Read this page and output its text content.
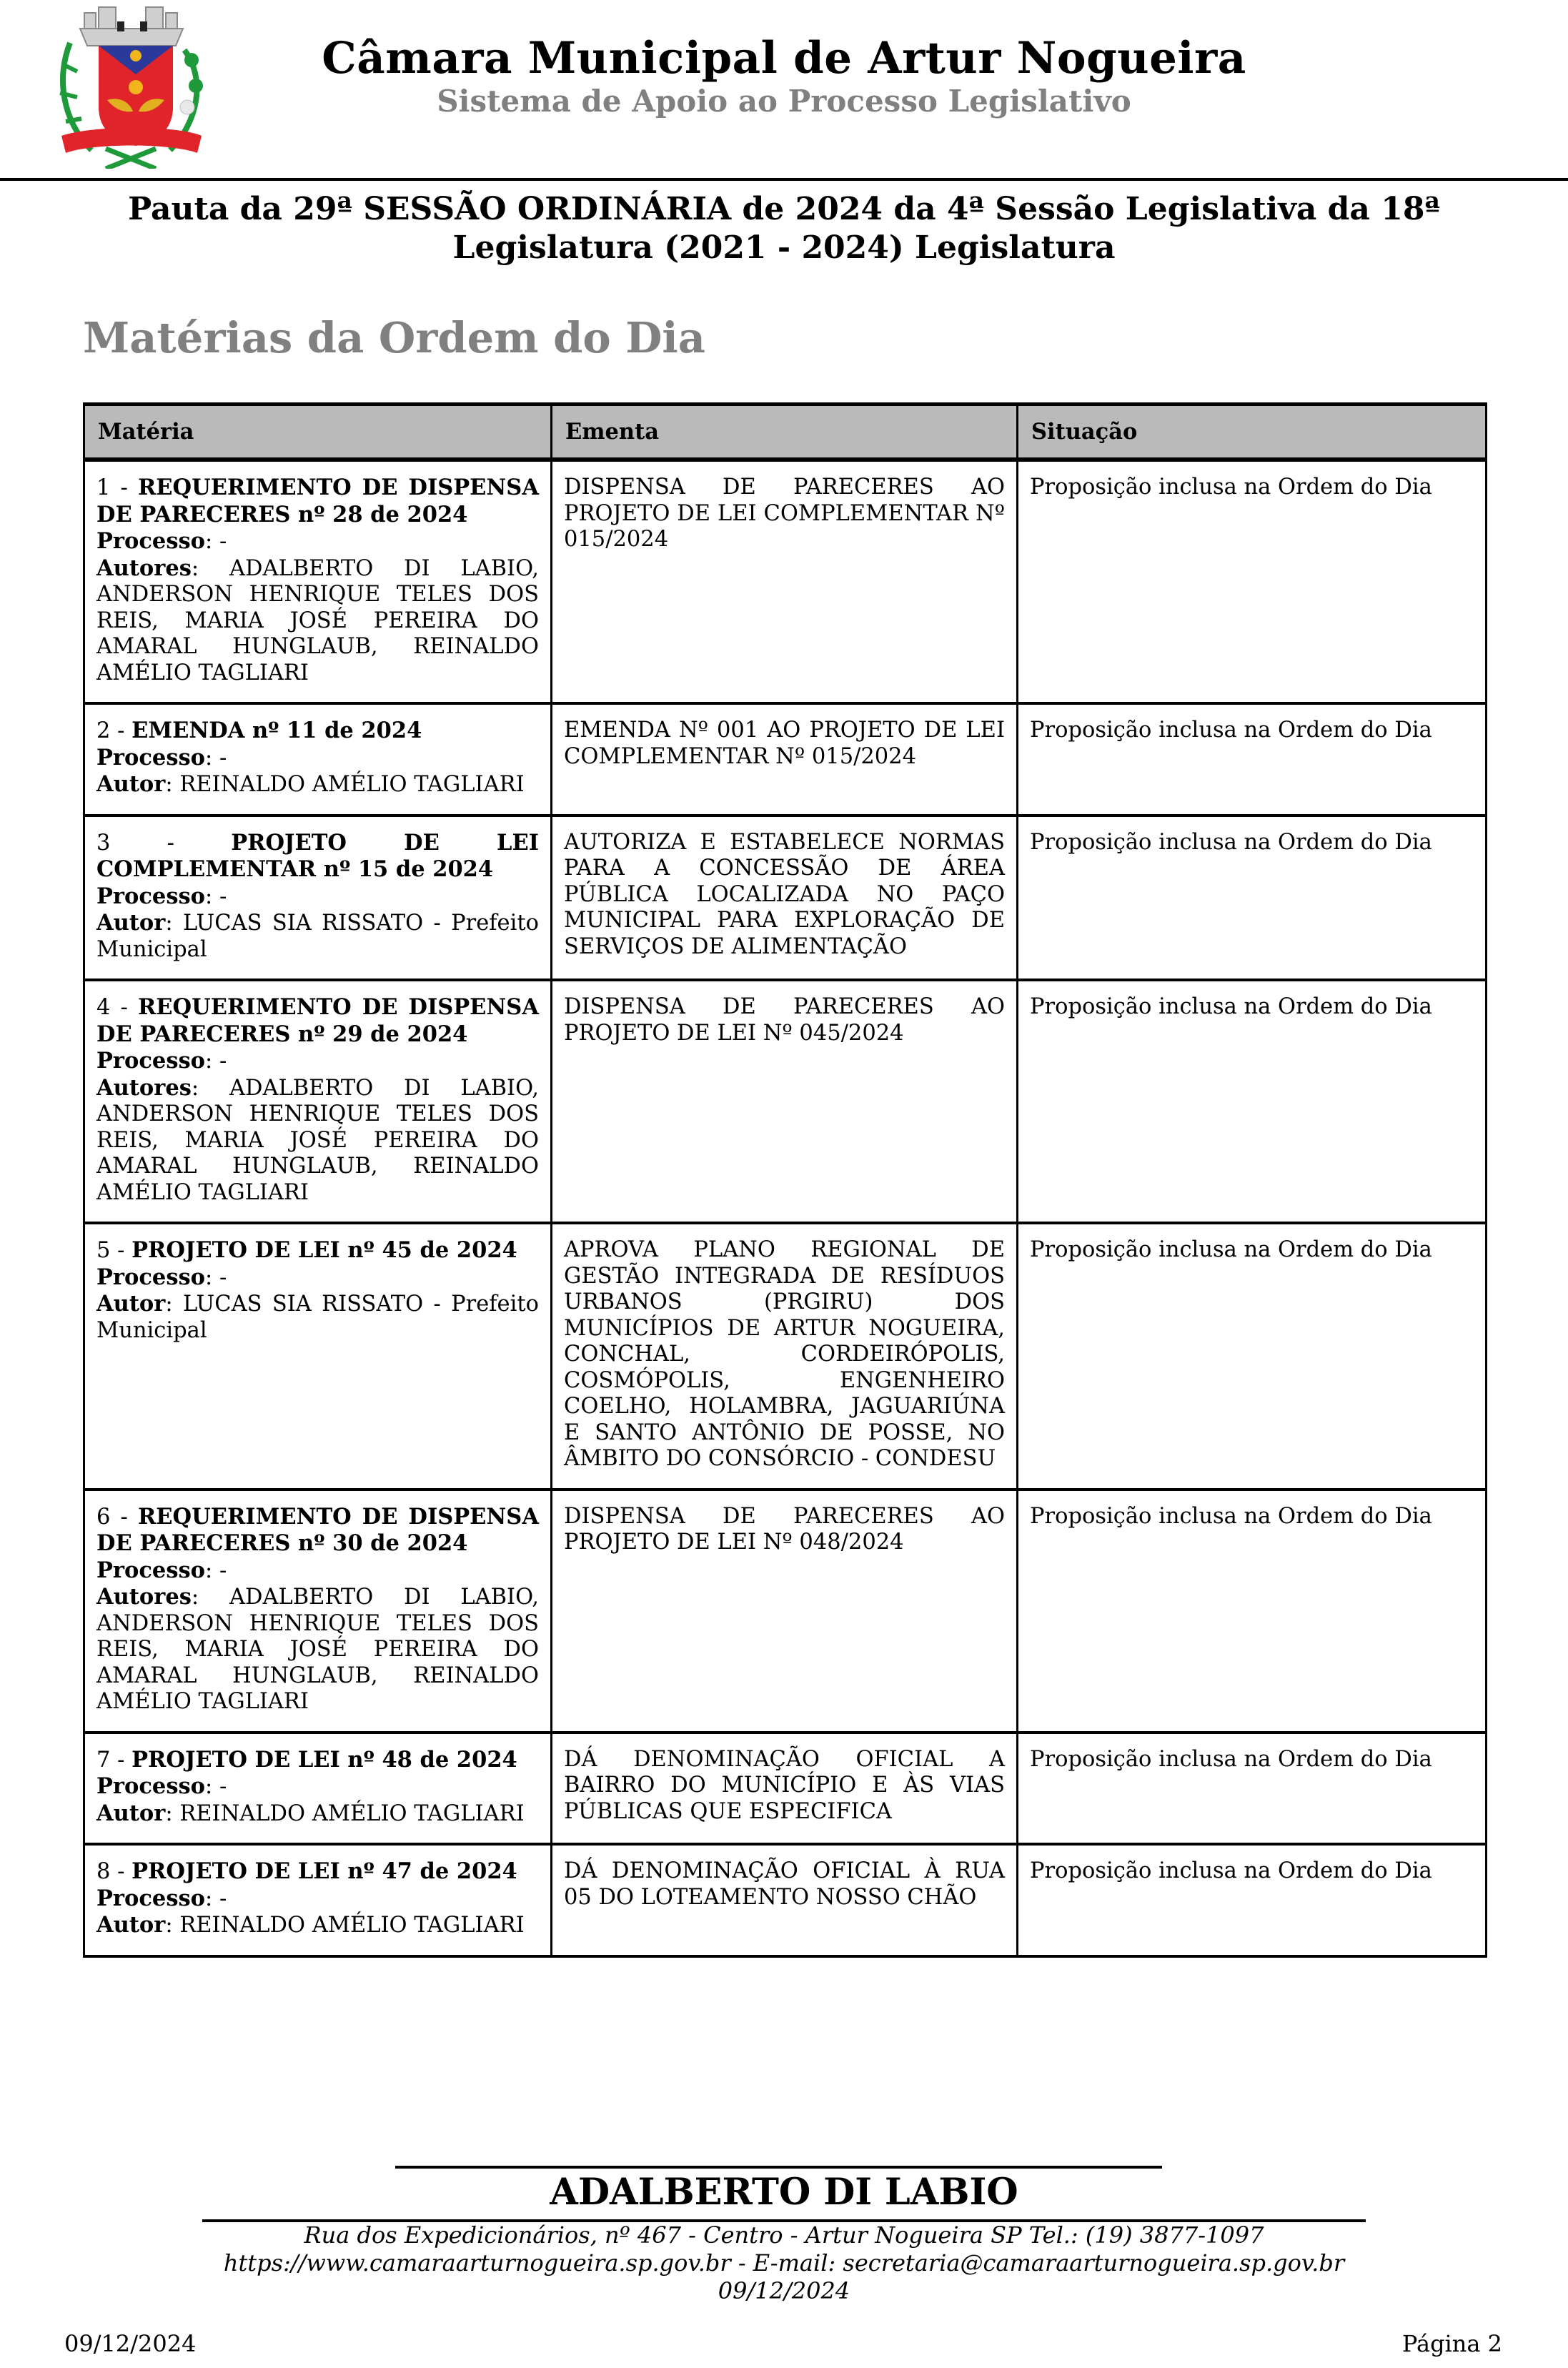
Câmara Municipal de Artur Nogueira
Sistema de Apoio ao Processo Legislativo
Pauta da 29ª SESSÃO ORDINÁRIA de 2024 da 4ª Sessão Legislativa da 18ª Legislatura (2021 - 2024) Legislatura
Matérias da Ordem do Dia
Matéria	Ementa	Situação
1 - REQUERIMENTO DE DISPENSA DE PARECERES nº 28 de 2024
Processo: -
Autores: ADALBERTO DI LABIO, ANDERSON HENRIQUE TELES DOS REIS, MARIA JOSÉ PEREIRA DO AMARAL HUNGLAUB, REINALDO AMÉLIO TAGLIARI	DISPENSA DE PARECERES AO PROJETO DE LEI COMPLEMENTAR Nº 015/2024	Proposição inclusa na Ordem do Dia
2 - EMENDA nº 11 de 2024
Processo: -
Autor: REINALDO AMÉLIO TAGLIARI	EMENDA Nº 001 AO PROJETO DE LEI COMPLEMENTAR Nº 015/2024	Proposição inclusa na Ordem do Dia
3 - PROJETO DE LEI COMPLEMENTAR nº 15 de 2024
Processo: -
Autor: LUCAS SIA RISSATO - Prefeito Municipal	AUTORIZA E ESTABELECE NORMAS PARA A CONCESSÃO DE ÁREA PÚBLICA LOCALIZADA NO PAÇO MUNICIPAL PARA EXPLORAÇÃO DE SERVIÇOS DE ALIMENTAÇÃO	Proposição inclusa na Ordem do Dia
4 - REQUERIMENTO DE DISPENSA DE PARECERES nº 29 de 2024
Processo: -
Autores: ADALBERTO DI LABIO, ANDERSON HENRIQUE TELES DOS REIS, MARIA JOSÉ PEREIRA DO AMARAL HUNGLAUB, REINALDO AMÉLIO TAGLIARI	DISPENSA DE PARECERES AO PROJETO DE LEI Nº 045/2024	Proposição inclusa na Ordem do Dia
5 - PROJETO DE LEI nº 45 de 2024
Processo: -
Autor: LUCAS SIA RISSATO - Prefeito Municipal	APROVA PLANO REGIONAL DE GESTÃO INTEGRADA DE RESÍDUOS URBANOS (PRGIRU) DOS MUNICÍPIOS DE ARTUR NOGUEIRA, CONCHAL, CORDEIRÓPOLIS, COSMÓPOLIS, ENGENHEIRO COELHO, HOLAMBRA, JAGUARIÚNA E SANTO ANTÔNIO DE POSSE, NO ÂMBITO DO CONSÓRCIO - CONDESU	Proposição inclusa na Ordem do Dia
6 - REQUERIMENTO DE DISPENSA DE PARECERES nº 30 de 2024
Processo: -
Autores: ADALBERTO DI LABIO, ANDERSON HENRIQUE TELES DOS REIS, MARIA JOSÉ PEREIRA DO AMARAL HUNGLAUB, REINALDO AMÉLIO TAGLIARI	DISPENSA DE PARECERES AO PROJETO DE LEI Nº 048/2024	Proposição inclusa na Ordem do Dia
7 - PROJETO DE LEI nº 48 de 2024
Processo: -
Autor: REINALDO AMÉLIO TAGLIARI	DÁ DENOMINAÇÃO OFICIAL A BAIRRO DO MUNICÍPIO E ÀS VIAS PÚBLICAS QUE ESPECIFICA	Proposição inclusa na Ordem do Dia
8 - PROJETO DE LEI nº 47 de 2024
Processo: -
Autor: REINALDO AMÉLIO TAGLIARI	DÁ DENOMINAÇÃO OFICIAL À RUA 05 DO LOTEAMENTO NOSSO CHÃO	Proposição inclusa na Ordem do Dia
ADALBERTO DI LABIO
Rua dos Expedicionários, nº 467 - Centro - Artur Nogueira SP Tel.: (19) 3877-1097 https://www.camaraarturnogueira.sp.gov.br - E-mail: secretaria@camaraarturnogueira.sp.gov.br
09/12/2024
09/12/2024	Página 2
